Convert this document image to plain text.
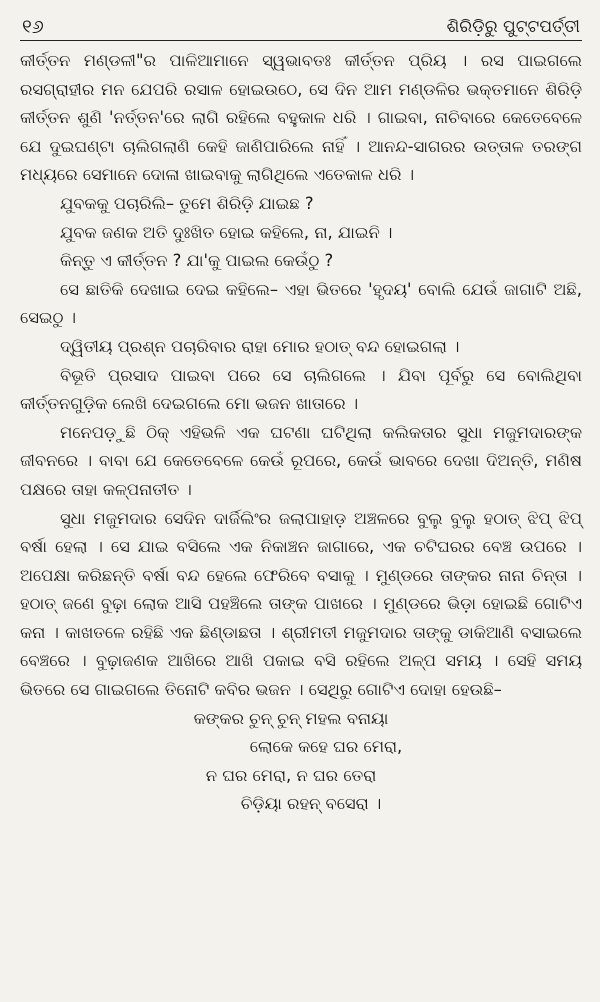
୧୬	ଶିରିଡ଼ିରୁ ପୁଟ୍ଟପର୍ତ୍ତୀ

କୀର୍ତ୍ତନ ମଣ୍ଡଳୀ"ର ପାଳିଆମାନେ ସ୍ୱଭାବତଃ କୀର୍ତ୍ତନ ପ୍ରିୟ । ରସ ପାଇଗଲେ ରସଗ୍ରାହୀର ମନ ଯେପରି ରସାଳ ହୋଇଉଠେ, ସେ ଦିନ ଆମ ମଣ୍ଡଳିର ଭକ୍ତମାନେ ଶିରିଡ଼ି କୀର୍ତ୍ତନ ଶୁଣି 'ନର୍ତ୍ତନ'ରେ ଲାଗି ରହିଲେ ବହୁକାଳ ଧରି । ଗାଇବା, ନାଚିବାରେ କେତେବେଳେ ଯେ ଦୁଇଘଣ୍ଟା ଚାଲିଗଲାଣି କେହି ଜାଣିପାରିଲେ ନାହିଁ । ଆନନ୍ଦ-ସାଗରର ଉତ୍ତାଳ ତରଙ୍ଗ ମଧ୍ୟରେ ସେମାନେ ଦୋଳା ଖାଇବାକୁ ଲାଗିଥିଲେ ଏତେକାଳ ଧରି ।

ଯୁବକକୁ ପଚାରିଲି– ତୁମେ ଶିରିଡ଼ି ଯାଇଛ ?

ଯୁବକ ଜଣକ ଅତି ଦୁଃଖିତ ହୋଇ କହିଲେ, ନା, ଯାଇନି ।

କିନ୍ତୁ ଏ କୀର୍ତ୍ତନ ? ଯା'କୁ ପାଇଲ କେଉଁଠୁ ?

ସେ ଛାତିକି ଦେଖାଇ ଦେଇ କହିଲେ– ଏହା ଭିତରେ 'ହୃଦୟ' ବୋଲି ଯେଉଁ ଜାଗାଟି ଅଛି, ସେଇଠୁ ।

ଦ୍ୱିତୀୟ ପ୍ରଶ୍ନ ପଚାରିବାର ରାହା ମୋର ହଠାତ୍ ବନ୍ଦ ହୋଇଗଲା ।

ବିଭୂତି ପ୍ରସାଦ ପାଇବା ପରେ ସେ ଚାଲିଗଲେ । ଯିବା ପୂର୍ବରୁ ସେ ବୋଲିଥିବା କୀର୍ତ୍ତନଗୁଡ଼ିକ ଲେଖି ଦେଇଗଲେ ମୋ ଭଜନ ଖାତାରେ ।

ମନେପଡ଼ୁଛି ଠିକ୍ ଏହିଭଳି ଏକ ଘଟଣା ଘଟିଥିଲା କଲିକତାର ସୁଧା ମଜୁମଦାରଙ୍କ ଜୀବନରେ । ବାବା ଯେ କେତେବେଳେ କେଉଁ ରୂପରେ, କେଉଁ ଭାବରେ ଦେଖା ଦିଅନ୍ତି, ମଣିଷ ପକ୍ଷରେ ତାହା କଳ୍ପନାତୀତ ।

ସୁଧା ମଜୁମଦାର ସେଦିନ ଦାର୍ଜିଲିଂର ଜଲାପାହାଡ଼ ଅଞ୍ଚଳରେ ବୁଲୁ ବୁଲୁ ହଠାତ୍ ଝିପ୍ ଝିପ୍ ବର୍ଷା ହେଲା । ସେ ଯାଇ ବସିଲେ ଏକ ନିକାଞ୍ଚନ ଜାଗାରେ, ଏକ ଚଟିଘରର ବେଞ୍ଚ ଉପରେ । ଅପେକ୍ଷା କରିଛନ୍ତି ବର୍ଷା ବନ୍ଦ ହେଲେ ଫେରିବେ ବସାକୁ । ମୁଣ୍ଡରେ ତାଙ୍କର ନାନା ଚିନ୍ତା । ହଠାତ୍ ଜଣେ ବୁଢ଼ା ଲୋକ ଆସି ପହଞ୍ଚିଲେ ତାଙ୍କ ପାଖରେ । ମୁଣ୍ଡରେ ଭିଡ଼ା ହୋଇଛି ଗୋଟିଏ କନା । କାଖତଳେ ରହିଛି ଏକ ଛିଣ୍ଡାଛତା । ଶ୍ରୀମତୀ ମଜୁମଦାର ତାଙ୍କୁ ଡାକିଆଣି ବସାଇଲେ ବେଞ୍ଚରେ । ବୁଢ଼ାଜଣକ ଆଖିରେ ଆଖି ପକାଇ ବସି ରହିଲେ ଅଳ୍ପ ସମୟ । ସେହି ସମୟ ଭିତରେ ସେ ଗାଇଗଲେ ତିନୋଟି କବିର ଭଜନ । ସେଥିରୁ ଗୋଟିଏ ଦୋହା ହେଉଛି–

କଙ୍କର ଚୁନ୍ ଚୁନ୍ ମହଲ ବନାୟା
ଲୋକେ କହେ ଘର ମେରା,
ନ ଘର ମେରା, ନ ଘର ତେରା
ଚିଡ଼ିୟା ରହନ୍ ବସେରା ।
